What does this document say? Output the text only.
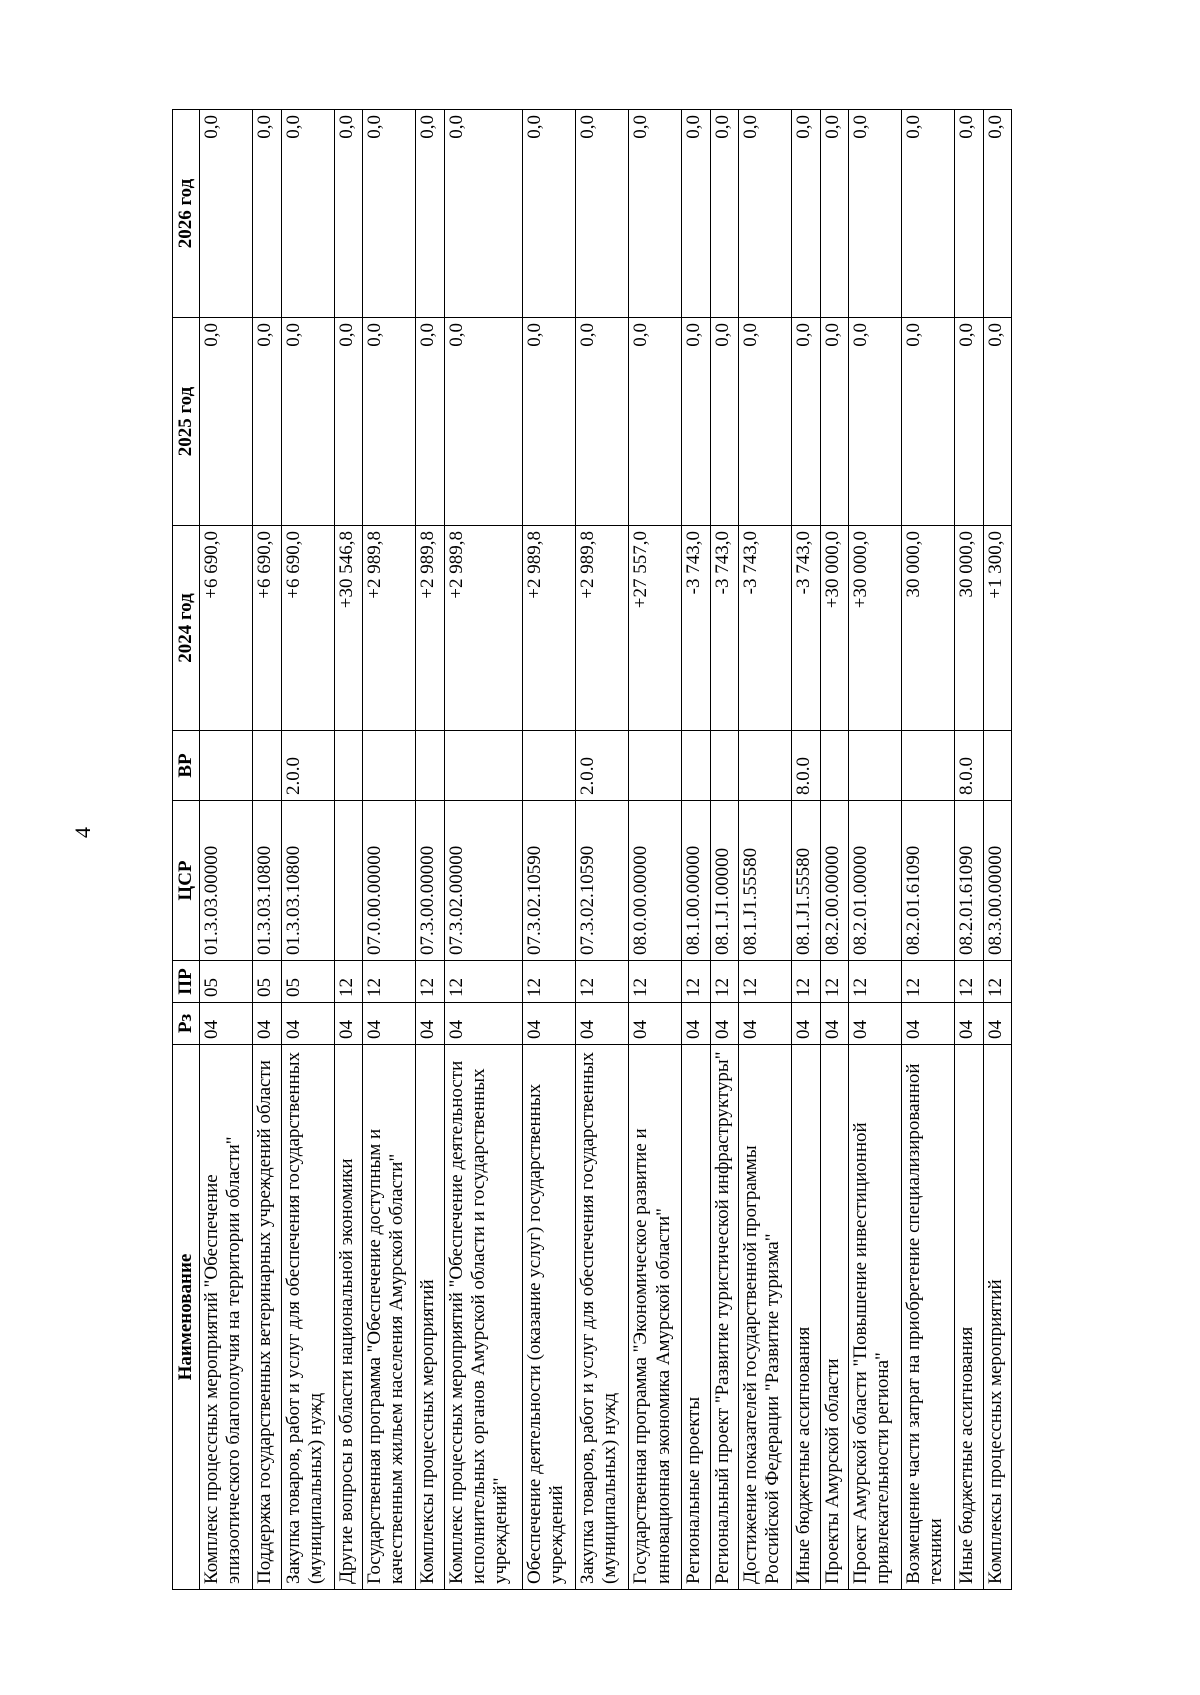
4
Наименование	Рз	ПР	ЦСР	ВР	2024 год	2025 год	2026 год
Комплекс процессных мероприятий "Обеспечение эпизоотического благополучия на территории области"	04	05	01.3.03.00000		+6 690,0	0,0	0,0
Поддержка государственных ветеринарных учреждений области	04	05	01.3.03.10800		+6 690,0	0,0	0,0
Закупка товаров, работ и услуг для обеспечения государственных (муниципальных) нужд	04	05	01.3.03.10800	2.0.0	+6 690,0	0,0	0,0
Другие вопросы в области национальной экономики	04	12			+30 546,8	0,0	0,0
Государственная программа "Обеспечение доступным и качественным жильем населения Амурской области"	04	12	07.0.00.00000		+2 989,8	0,0	0,0
Комплексы процессных мероприятий	04	12	07.3.00.00000		+2 989,8	0,0	0,0
Комплекс процессных мероприятий "Обеспечение деятельности исполнительных органов Амурской области и государственных учреждений"	04	12	07.3.02.00000		+2 989,8	0,0	0,0
Обеспечение деятельности (оказание услуг) государственных учреждений	04	12	07.3.02.10590		+2 989,8	0,0	0,0
Закупка товаров, работ и услуг для обеспечения государственных (муниципальных) нужд	04	12	07.3.02.10590	2.0.0	+2 989,8	0,0	0,0
Государственная программа "Экономическое развитие и инновационная экономика Амурской области"	04	12	08.0.00.00000		+27 557,0	0,0	0,0
Региональные проекты	04	12	08.1.00.00000		-3 743,0	0,0	0,0
Региональный проект "Развитие туристической инфраструктуры"	04	12	08.1.J1.00000		-3 743,0	0,0	0,0
Достижение показателей государственной программы Российской Федерации "Развитие туризма"	04	12	08.1.J1.55580		-3 743,0	0,0	0,0
Иные бюджетные ассигнования	04	12	08.1.J1.55580	8.0.0	-3 743,0	0,0	0,0
Проекты Амурской области	04	12	08.2.00.00000		+30 000,0	0,0	0,0
Проект Амурской области "Повышение инвестиционной привлекательности региона"	04	12	08.2.01.00000		+30 000,0	0,0	0,0
Возмещение части затрат на приобретение специализированной техники	04	12	08.2.01.61090		30 000,0	0,0	0,0
Иные бюджетные ассигнования	04	12	08.2.01.61090	8.0.0	30 000,0	0,0	0,0
Комплексы процессных мероприятий	04	12	08.3.00.00000		+1 300,0	0,0	0,0
